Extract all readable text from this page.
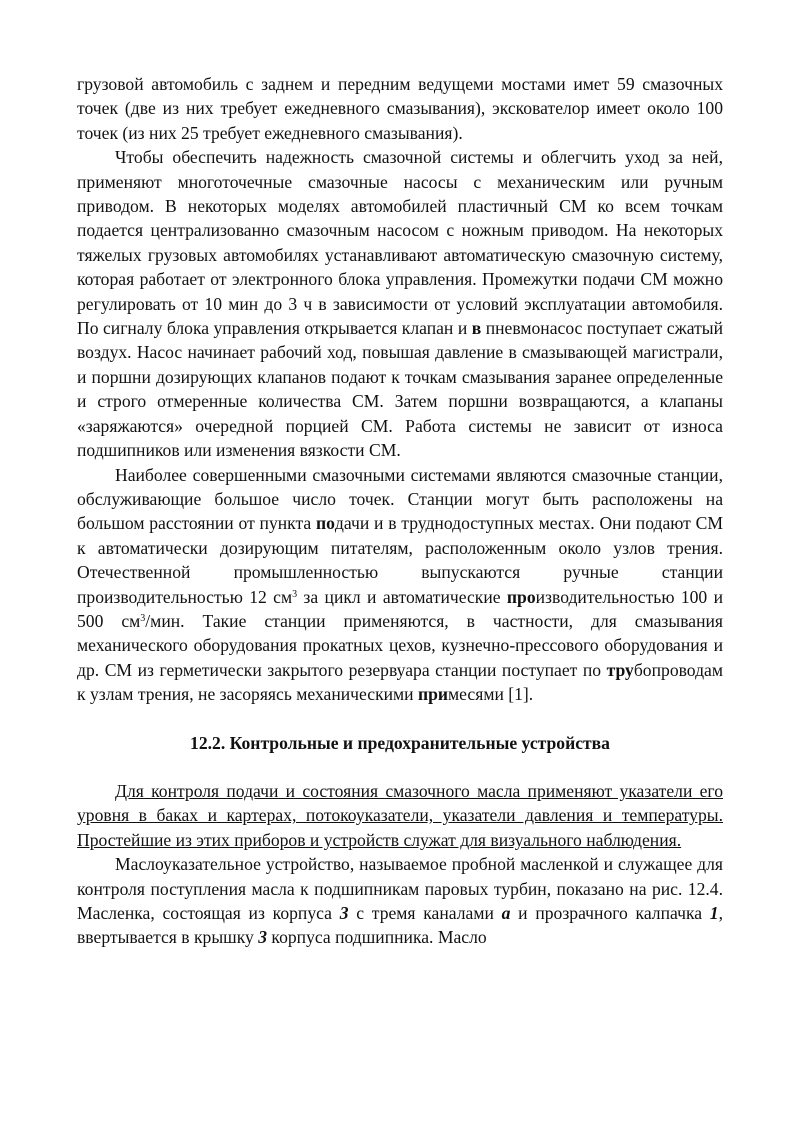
грузовой автомобиль с заднем и передним ведущеми мостами имет 59 смазочных точек (две из них требует ежедневного смазывания), экскователор имеет около 100 точек (из них 25 требует ежедневного смазывания).

Чтобы обеспечить надежность смазочной системы и облегчить уход за ней, применяют многоточечные смазочные насосы с механическим или ручным приводом. В некоторых моделях автомобилей пластичный СМ ко всем точкам подается централизованно смазочным насосом с ножным приводом. На некоторых тяжелых грузовых автомобилях устанавливают автоматическую смазочную систему, которая работает от электронного блока управления. Промежутки подачи СМ можно регулировать от 10 мин до 3 ч в зависимости от условий эксплуатации автомобиля. По сигналу блока управления открывается клапан и в пневмонасос поступает сжатый воздух. Насос начинает рабочий ход, повышая давление в смазывающей магистрали, и поршни дозирующих клапанов подают к точкам смазывания заранее определенные и строго отмеренные количества СМ. Затем поршни возвращаются, а клапаны «заряжаются» очередной порцией СМ. Работа системы не зависит от износа подшипников или изменения вязкости СМ.

Наиболее совершенными смазочными системами являются смазочные станции, обслуживающие большое число точек. Станции могут быть расположены на большом расстоянии от пункта подачи и в труднодоступных местах. Они подают СМ к автоматически дозирующим питателям, расположенным около узлов трения. Отечественной промышленностью выпускаются ручные станции производительностью 12 $см^3$ за цикл и автоматические производительностью 100 и 500 $см^3$/мин. Такие станции применяются, в частности, для смазывания механического оборудования прокатных цехов, кузнечно-прессового оборудования и др. СМ из герметически закрытого резервуара станции поступает по трубопроводам к узлам трения, не засоряясь механическими примесями [1].

12.2. Контрольные и предохранительные устройства

Для контроля подачи и состояния смазочного масла применяют указатели его уровня в баках и картерах, потокоуказатели, указатели давления и температуры. Простейшие из этих приборов и устройств служат для визуального наблюдения.

Маслоуказательное устройство, называемое пробной масленкой и служащее для контроля поступления масла к подшипникам паровых турбин, показано на рис. 12.4. Масленка, состоящая из корпуса 3 с тремя каналами а и прозрачного калпачка 1, ввертывается в крышку 3 корпуса подшипника. Масло
